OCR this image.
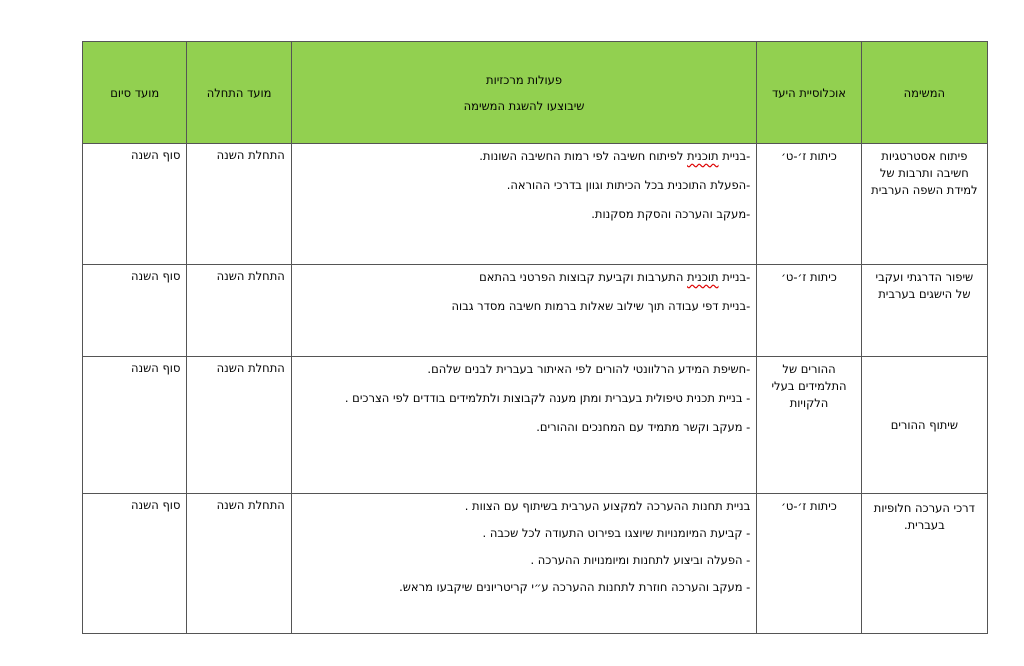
המשימה	אוכלוסיית היעד	פעולות מרכזיות
שיבוצעו להשגת המשימה	מועד התחלה	מועד סיום
פיתוח אסטרטגיות חשיבה ותרבות של למידת השפה הערבית	כיתות ז׳-ט׳	-בניית תוכנית לפיתוח חשיבה לפי רמות החשיבה השונות.

-הפעלת התוכנית בכל הכיתות וגוון בדרכי ההוראה.

-מעקב והערכה והסקת מסקנות.	התחלת השנה	סוף השנה
שיפור הדרגתי ועקבי של הישגים בערבית	כיתות ז׳-ט׳	-בניית תוכנית התערבות וקביעת קבוצות הפרטני בהתאם

-בניית דפי עבודה תוך שילוב שאלות ברמות חשיבה מסדר גבוה	התחלת השנה	סוף השנה
שיתוף ההורים	ההורים של התלמידים בעלי הלקויות	-חשיפת המידע הרלוונטי להורים לפי האיתור בעברית לבנים שלהם.

- בניית תכנית טיפולית בעברית ומתן מענה לקבוצות ולתלמידים בודדים לפי הצרכים .

- מעקב וקשר מתמיד עם המחנכים וההורים.	התחלת השנה	סוף השנה
דרכי הערכה חלופיות בעברית.	כיתות ז׳-ט׳	בניית תחנות ההערכה למקצוע הערבית בשיתוף עם הצוות .

- קביעת המיומנויות שיוצגו בפירוט התעודה לכל שכבה .

- הפעלה וביצוע לתחנות ומיומנויות ההערכה .

- מעקב והערכה חוזרת לתחנות ההערכה ע״י קריטריונים שיקבעו מראש.	התחלת השנה	סוף השנה
